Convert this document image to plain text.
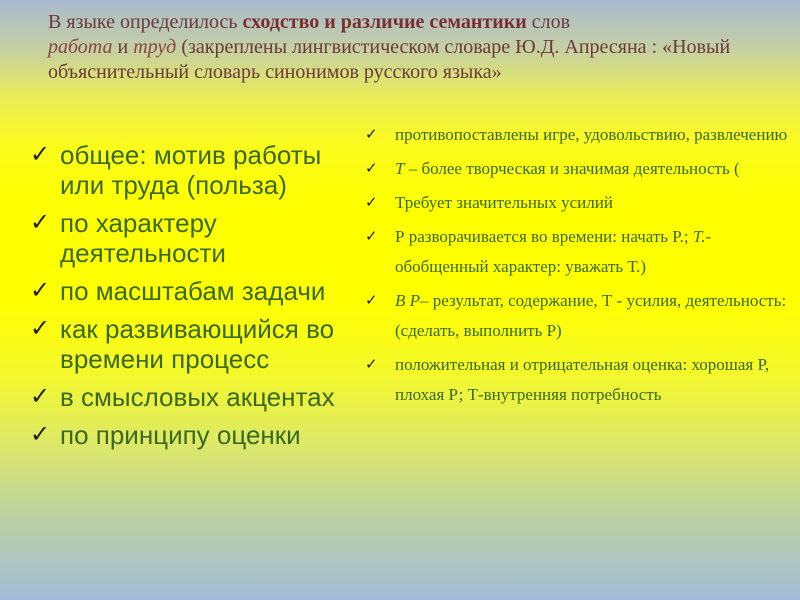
В языке определилось сходство и различие семантики слов
работа и труд (закреплены лингвистическом словаре Ю.Д. Апресяна : «Новый объяснительный словарь синонимов русского языка»
✓ общее: мотив работы или труда (польза)
✓ по характеру деятельности
✓ по масштабам задачи
✓ как развивающийся во времени процесс
✓ в смысловых акцентах
✓ по принципу оценки
✓ противопоставлены игре, удовольствию, развлечению
✓ Т – более творческая и значимая деятельность (
✓ Требует значительных усилий
✓ Р разворачивается во времени: начать Р.; Т.- обобщенный характер: уважать Т.)
✓ В Р– результат, содержание, Т - усилия, деятельность: (сделать, выполнить Р)
✓ положительная и отрицательная оценка: хорошая Р, плохая Р; Т-внутренняя потребность
